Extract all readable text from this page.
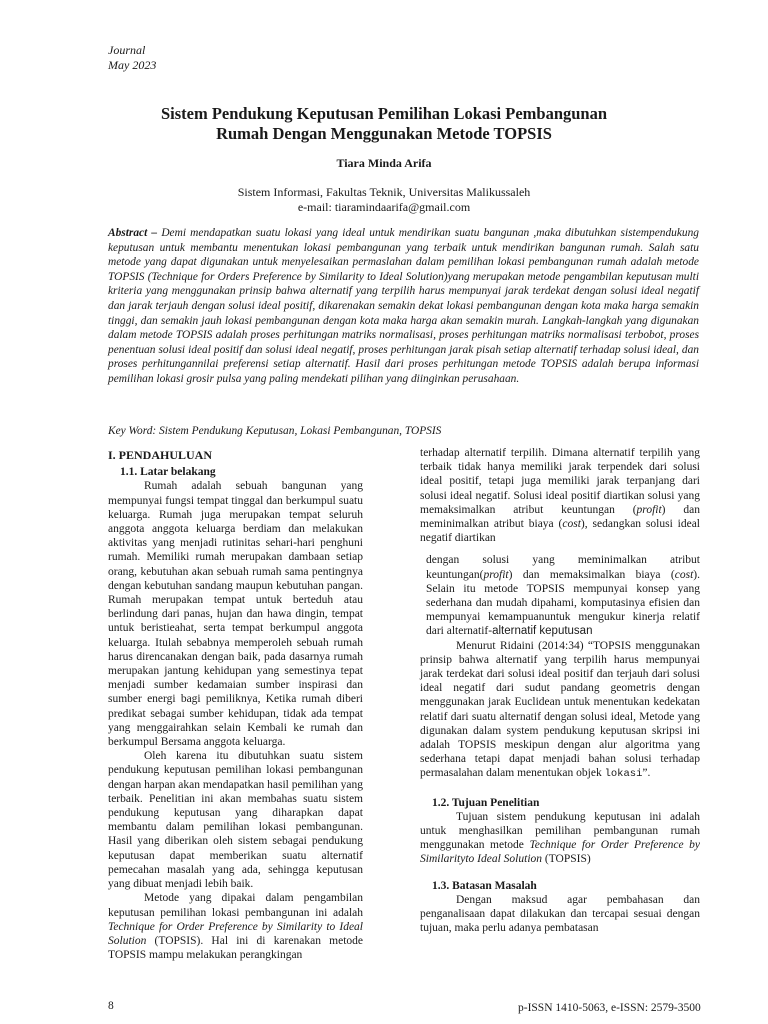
Journal
May 2023
Sistem Pendukung Keputusan Pemilihan Lokasi Pembangunan
Rumah Dengan Menggunakan Metode TOPSIS
Tiara Minda Arifa
Sistem Informasi, Fakultas Teknik, Universitas Malikussaleh
e-mail: tiaramindaarifa@gmail.com
Abstract – Demi mendapatkan suatu lokasi yang ideal untuk mendirikan suatu bangunan ,maka dibutuhkan sistempendukung keputusan untuk membantu menentukan lokasi pembangunan yang terbaik untuk mendirikan bangunan rumah. Salah satu metode yang dapat digunakan untuk menyelesaikan permaslahan dalam pemilihan lokasi pembangunan rumah adalah metode TOPSIS (Technique for Orders Preference by Similarity to Ideal Solution)yang merupakan metode pengambilan keputusan multi kriteria yang menggunakan prinsip bahwa alternatif yang terpilih harus mempunyai jarak terdekat dengan solusi ideal negatif dan jarak terjauh dengan solusi ideal positif, dikarenakan semakin dekat lokasi pembangunan dengan kota maka harga semakin tinggi, dan semakin jauh lokasi pembangunan dengan kota maka harga akan semakin murah. Langkah-langkah yang digunakan dalam metode TOPSIS adalah proses perhitungan matriks normalisasi, proses perhitungan matriks normalisasi terbobot, proses penentuan solusi ideal positif dan solusi ideal negatif, proses perhitungan jarak pisah setiap alternatif terhadap solusi ideal, dan proses perhitungannilai preferensi setiap alternatif. Hasil dari proses perhitungan metode TOPSIS adalah berupa informasi pemilihan lokasi grosir pulsa yang paling mendekati pilihan yang diinginkan perusahaan.
Key Word: Sistem Pendukung Keputusan, Lokasi Pembangunan, TOPSIS
I. PENDAHULUAN
1.1. Latar belakang

Rumah adalah sebuah bangunan yang mempunyai fungsi tempat tinggal dan berkumpul suatu keluarga. Rumah juga merupakan tempat seluruh anggota anggota keluarga berdiam dan melakukan aktivitas yang menjadi rutinitas sehari-hari penghuni rumah. Memiliki rumah merupakan dambaan setiap orang, kebutuhan akan sebuah rumah sama pentingnya dengan kebutuhan sandang maupun kebutuhan pangan. Rumah merupakan tempat untuk berteduh atau berlindung dari panas, hujan dan hawa dingin, tempat untuk beristieahat, serta tempat berkumpul anggota keluarga. Itulah sebabnya memperoleh sebuah rumah harus direncanakan dengan baik, pada dasarnya rumah merupakan jantung kehidupan yang semestinya tepat menjadi sumber kedamaian sumber inspirasi dan sumber energi bagi pemiliknya, Ketika rumah diberi predikat sebagai sumber kehidupan, tidak ada tempat yang menggairahkan selain Kembali ke rumah dan berkumpul Bersama anggota keluarga.

Oleh karena itu dibutuhkan suatu sistem pendukung keputusan pemilihan lokasi pembangunan dengan harpan akan mendapatkan hasil pemilihan yang terbaik. Penelitian ini akan membahas suatu sistem pendukung keputusan yang diharapkan dapat membantu dalam pemilihan lokasi pembangunan. Hasil yang diberikan oleh sistem sebagai pendukung keputusan dapat memberikan suatu alternatif pemecahan masalah yang ada, sehingga keputusan yang dibuat menjadi lebih baik.

Metode yang dipakai dalam pengambilan keputusan pemilihan lokasi pembangunan ini adalah Technique for Order Preference by Similarity to Ideal Solution (TOPSIS). Hal ini di karenakan metode TOPSIS mampu melakukan perangkingan

terhadap alternatif terpilih. Dimana alternatif terpilih yang terbaik tidak hanya memiliki jarak terpendek dari solusi ideal positif, tetapi juga memiliki jarak terpanjang dari solusi ideal negatif. Solusi ideal positif diartikan solusi yang memaksimalkan atribut keuntungan (profit) dan meminimalkan atribut biaya (cost), sedangkan solusi ideal negatif diartikan

dengan solusi yang meminimalkan atribut keuntungan(profit) dan memaksimalkan biaya (cost). Selain itu metode TOPSIS mempunyai konsep yang sederhana dan mudah dipahami, komputasinya efisien dan mempunyai kemampuanuntuk mengukur kinerja relatif dari alternatif-alternatif keputusan

Menurut Ridaini (2014:34) “TOPSIS menggunakan prinsip bahwa alternatif yang terpilih harus mempunyai jarak terdekat dari solusi ideal positif dan terjauh dari solusi ideal negatif dari sudut pandang geometris dengan menggunakan jarak Euclidean untuk menentukan kedekatan relatif dari suatu alternatif dengan solusi ideal, Metode yang digunakan dalam system pendukung keputusan skripsi ini adalah TOPSIS meskipun dengan alur algoritma yang sederhana tetapi dapat menjadi bahan solusi terhadap permasalahan dalam menentukan objek lokasi”.

1.2. Tujuan Penelitian

Tujuan sistem pendukung keputusan ini adalah untuk menghasilkan pemilihan pembangunan rumah menggunakan metode Technique for Order Preference by Similarityto Ideal Solution (TOPSIS)

1.3. Batasan Masalah

Dengan maksud agar pembahasan dan penganalisaan dapat dilakukan dan tercapai sesuai dengan tujuan, maka perlu adanya pembatasan

8	p-ISSN 1410-5063, e-ISSN: 2579-3500
